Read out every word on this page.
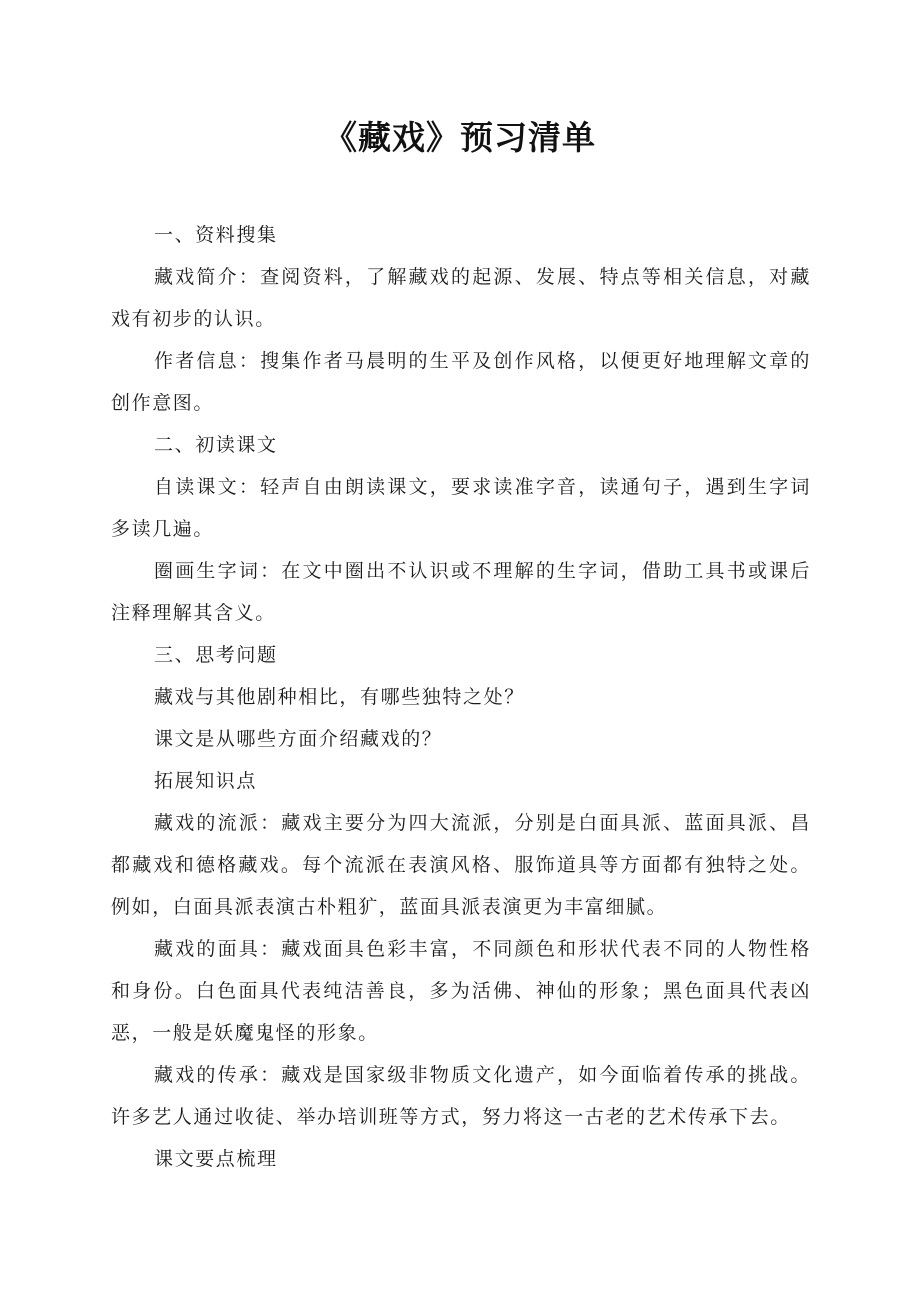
《藏戏》预习清单

一、资料搜集

藏戏简介：查阅资料，了解藏戏的起源、发展、特点等相关信息，对藏戏有初步的认识。

作者信息：搜集作者马晨明的生平及创作风格，以便更好地理解文章的创作意图。

二、初读课文

自读课文：轻声自由朗读课文，要求读准字音，读通句子，遇到生字词多读几遍。

圈画生字词：在文中圈出不认识或不理解的生字词，借助工具书或课后注释理解其含义。

三、思考问题

藏戏与其他剧种相比，有哪些独特之处？

课文是从哪些方面介绍藏戏的？

拓展知识点

藏戏的流派：藏戏主要分为四大流派，分别是白面具派、蓝面具派、昌都藏戏和德格藏戏。每个流派在表演风格、服饰道具等方面都有独特之处。例如，白面具派表演古朴粗犷，蓝面具派表演更为丰富细腻。

藏戏的面具：藏戏面具色彩丰富，不同颜色和形状代表不同的人物性格和身份。白色面具代表纯洁善良，多为活佛、神仙的形象；黑色面具代表凶恶，一般是妖魔鬼怪的形象。

藏戏的传承：藏戏是国家级非物质文化遗产，如今面临着传承的挑战。许多艺人通过收徒、举办培训班等方式，努力将这一古老的艺术传承下去。

课文要点梳理
